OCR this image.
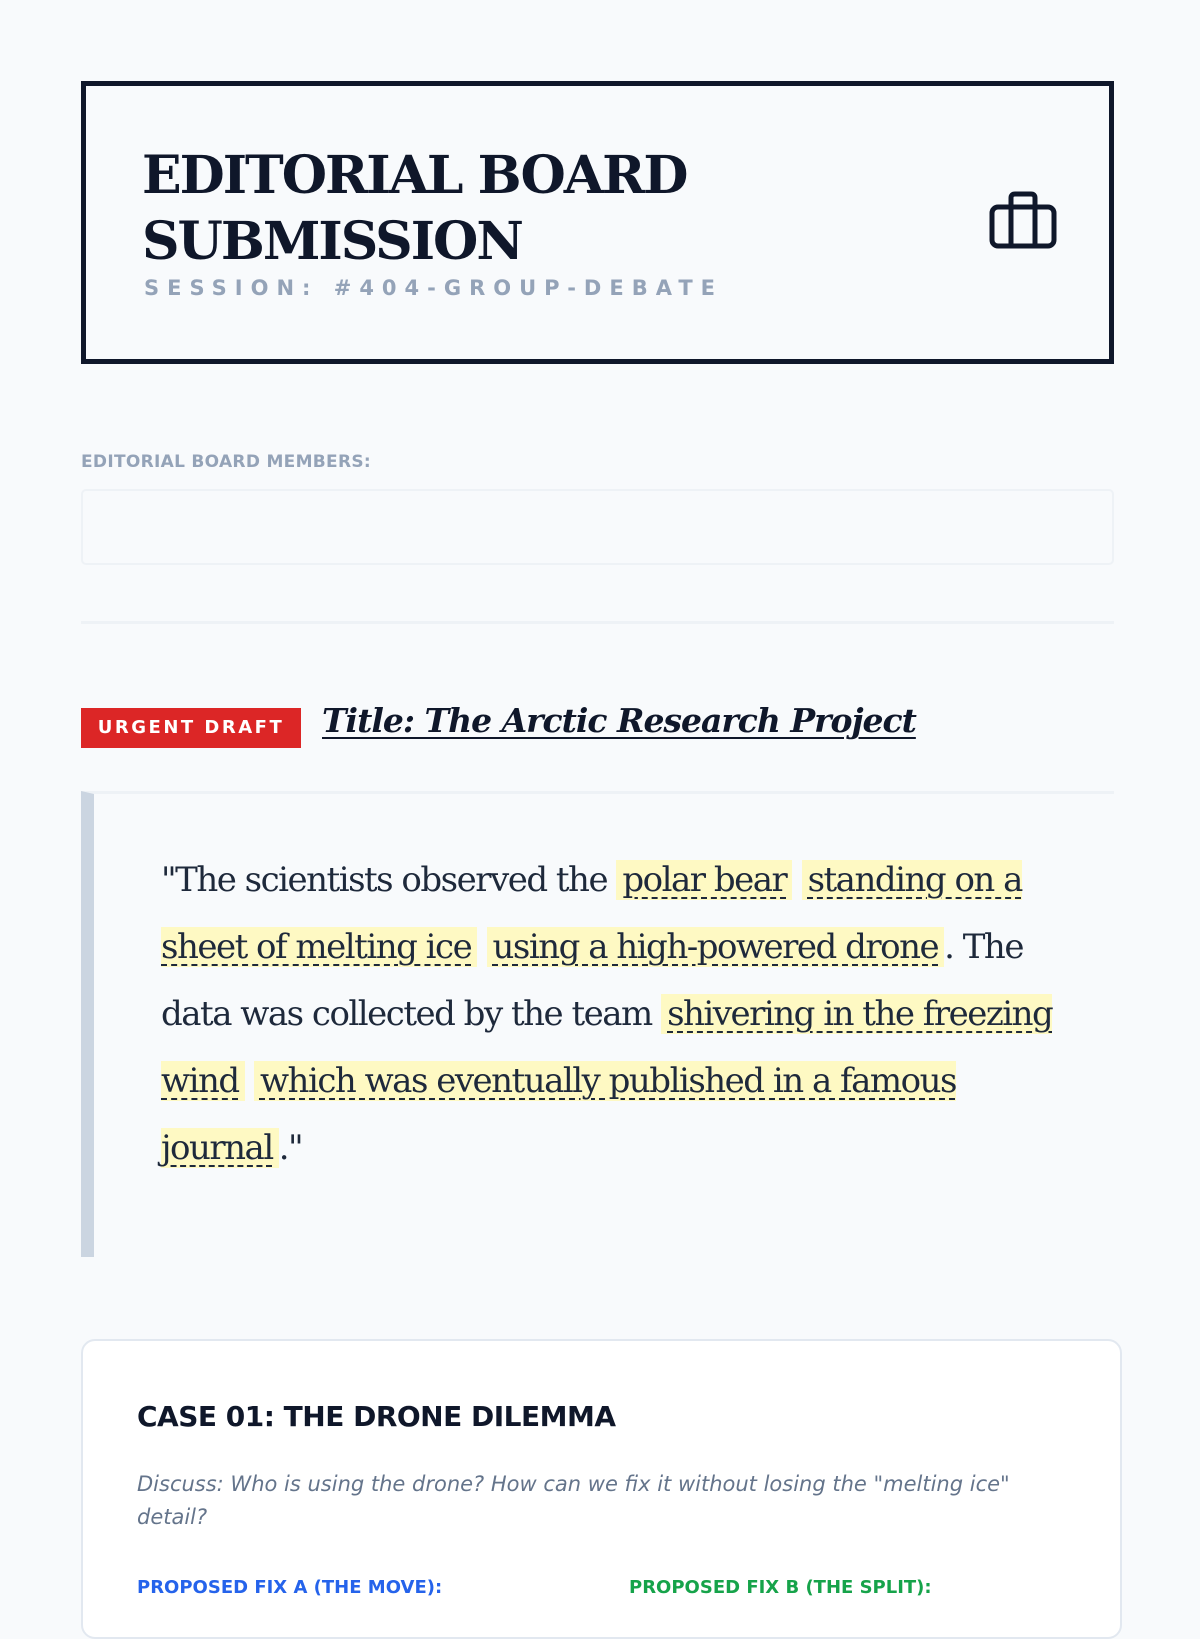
EDITORIAL BOARD
SUBMISSION
SESSION: #404-GROUP-DEBATE
EDITORIAL BOARD MEMBERS:
URGENT DRAFT	Title: The Arctic Research Project
"The scientists observed the polar bear standing on a sheet of melting ice using a high-powered drone . The data was collected by the team shivering in the freezing wind which was eventually published in a famous journal ."
CASE 01: THE DRONE DILEMMA

Discuss: Who is using the drone? How can we fix it without losing the "melting ice" detail?

PROPOSED FIX A (THE MOVE):	PROPOSED FIX B (THE SPLIT):
